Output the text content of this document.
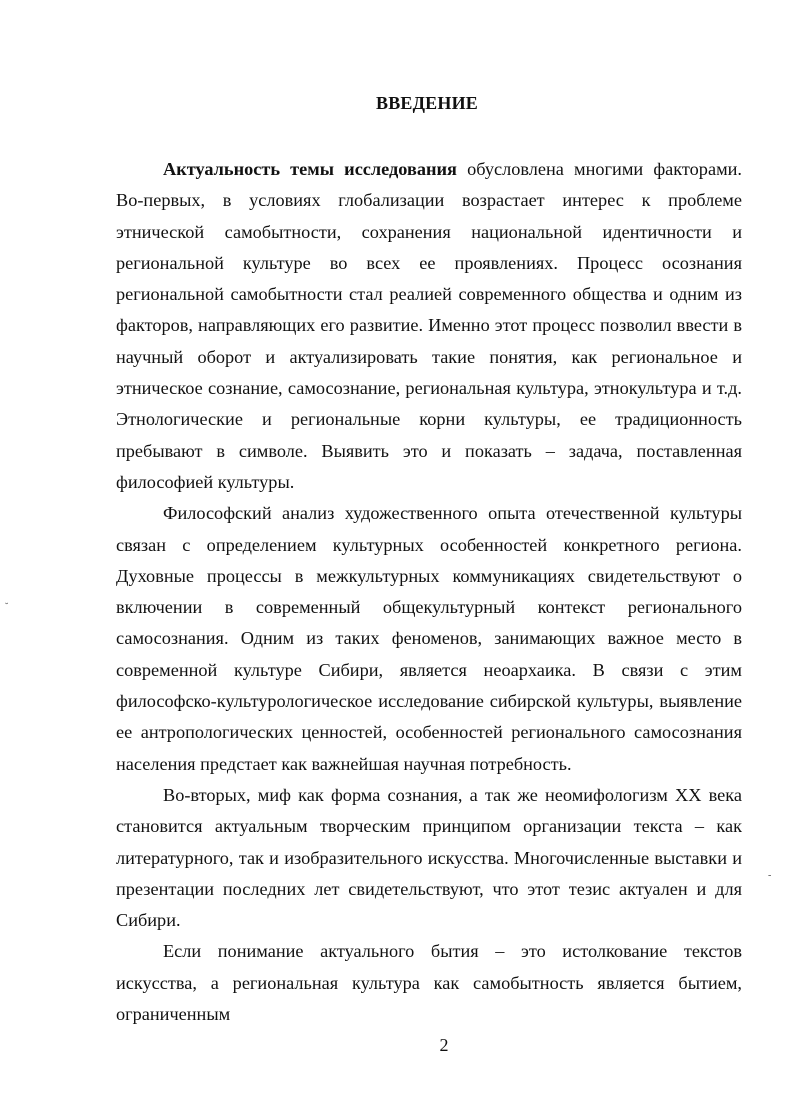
ВВЕДЕНИЕ

Актуальность темы исследования обусловлена многими факторами. Во-первых, в условиях глобализации возрастает интерес к проблеме этнической самобытности, сохранения национальной идентичности и региональной культуре во всех ее проявлениях. Процесс осознания региональной самобытности стал реалией современного общества и одним из факторов, направляющих его развитие. Именно этот процесс позволил ввести в научный оборот и актуализировать такие понятия, как региональное и этническое сознание, самосознание, региональная культура, этнокультура и т.д. Этнологические и региональные корни культуры, ее традиционность пребывают в символе. Выявить это и показать – задача, поставленная философией культуры.

Философский анализ художественного опыта отечественной культуры связан с определением культурных особенностей конкретного региона. Духовные процессы в межкультурных коммуникациях свидетельствуют о включении в современный общекультурный контекст регионального самосознания. Одним из таких феноменов, занимающих важное место в современной культуре Сибири, является неоархаика. В связи с этим философско-культурологическое исследование сибирской культуры, выявление ее антропологических ценностей, особенностей регионального самосознания населения предстает как важнейшая научная потребность.

Во-вторых, миф как форма сознания, а так же неомифологизм XX века становится актуальным творческим принципом организации текста – как литературного, так и изобразительного искусства. Многочисленные выставки и презентации последних лет свидетельствуют, что этот тезис актуален и для Сибири.

Если понимание актуального бытия – это истолкование текстов искусства, а региональная культура как самобытность является бытием, ограниченным

˘
-
2
